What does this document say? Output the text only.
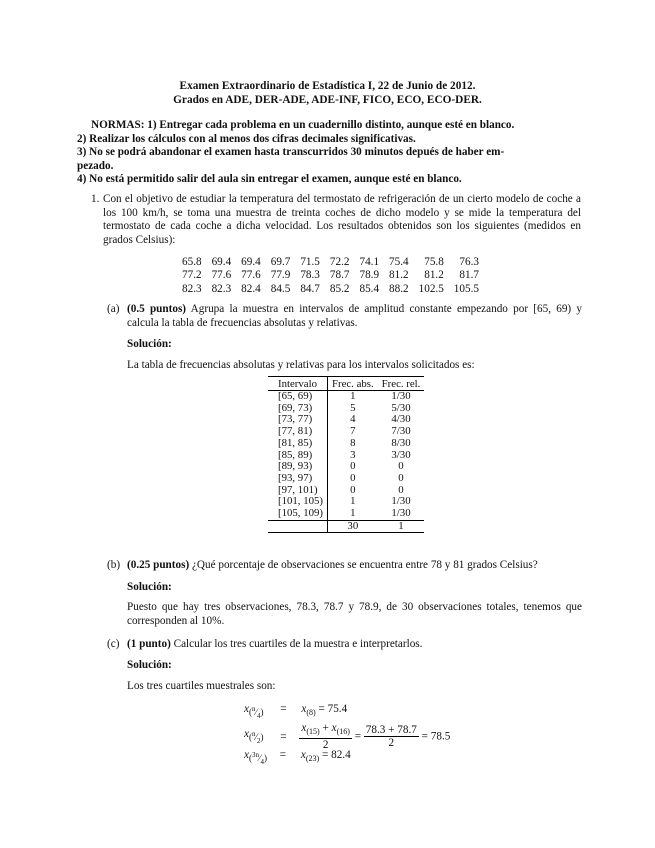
Examen Extraordinario de Estadística I, 22 de Junio de 2012.
Grados en ADE, DER-ADE, ADE-INF, FICO, ECO, ECO-DER.

NORMAS: 1) Entregar cada problema en un cuadernillo distinto, aunque esté en blanco.

2) Realizar los cálculos con al menos dos cifras decimales significativas.

3) No se podrá abandonar el examen hasta transcurridos 30 minutos depués de haber em-

pezado.

4) No está permitido salir del aula sin entregar el examen, aunque esté en blanco.

1. Con el objetivo de estudiar la temperatura del termostato de refrigeración de un cierto modelo de coche a los 100 km/h, se toma una muestra de treinta coches de dicho modelo y se mide la temperatura del termostato de cada coche a dicha velocidad. Los resultados obtenidos son los siguientes (medidos en grados Celsius):
65.8	69.4	69.4	69.7	71.5	72.2	74.1	75.4	75.8	76.3
77.2	77.6	77.6	77.9	78.3	78.7	78.9	81.2	81.2	81.7
82.3	82.3	82.4	84.5	84.7	85.2	85.4	88.2	102.5	105.5
(a) (0.5 puntos) Agrupa la muestra en intervalos de amplitud constante empezando por [65, 69) y calcula la tabla de frecuencias absolutas y relativas.
Solución:
La tabla de frecuencias absolutas y relativas para los intervalos solicitados es:
Intervalo	Frec. abs.	Frec. rel.
[65, 69)	1	1/30
[69, 73)	5	5/30
[73, 77)	4	4/30
[77, 81)	7	7/30
[81, 85)	8	8/30
[85, 89)	3	3/30
[89, 93)	0	0
[93, 97)	0	0
[97, 101)	0	0
[101, 105)	1	1/30
[105, 109)	1	1/30
	30	1
(b) (0.25 puntos) ¿Qué porcentaje de observaciones se encuentra entre 78 y 81 grados Celsius?
Solución:
Puesto que hay tres observaciones, 78.3, 78.7 y 78.9, de 30 observaciones totales, tenemos que corresponden al 10%.
(c) (1 punto) Calcular los tres cuartiles de la muestra e interpretarlos.
Solución:
Los tres cuartiles muestrales son:
$x_{(^n⁄_4)} = x_{(8)} = 75.4$
$x_{(^n⁄_2)} = \frac{x_{(15)} + x_{(16)}}{2} = \frac{78.3 + 78.7}{2} = 78.5$
$x_{(^{3n}⁄_4)} = x_{(23)} = 82.4$
